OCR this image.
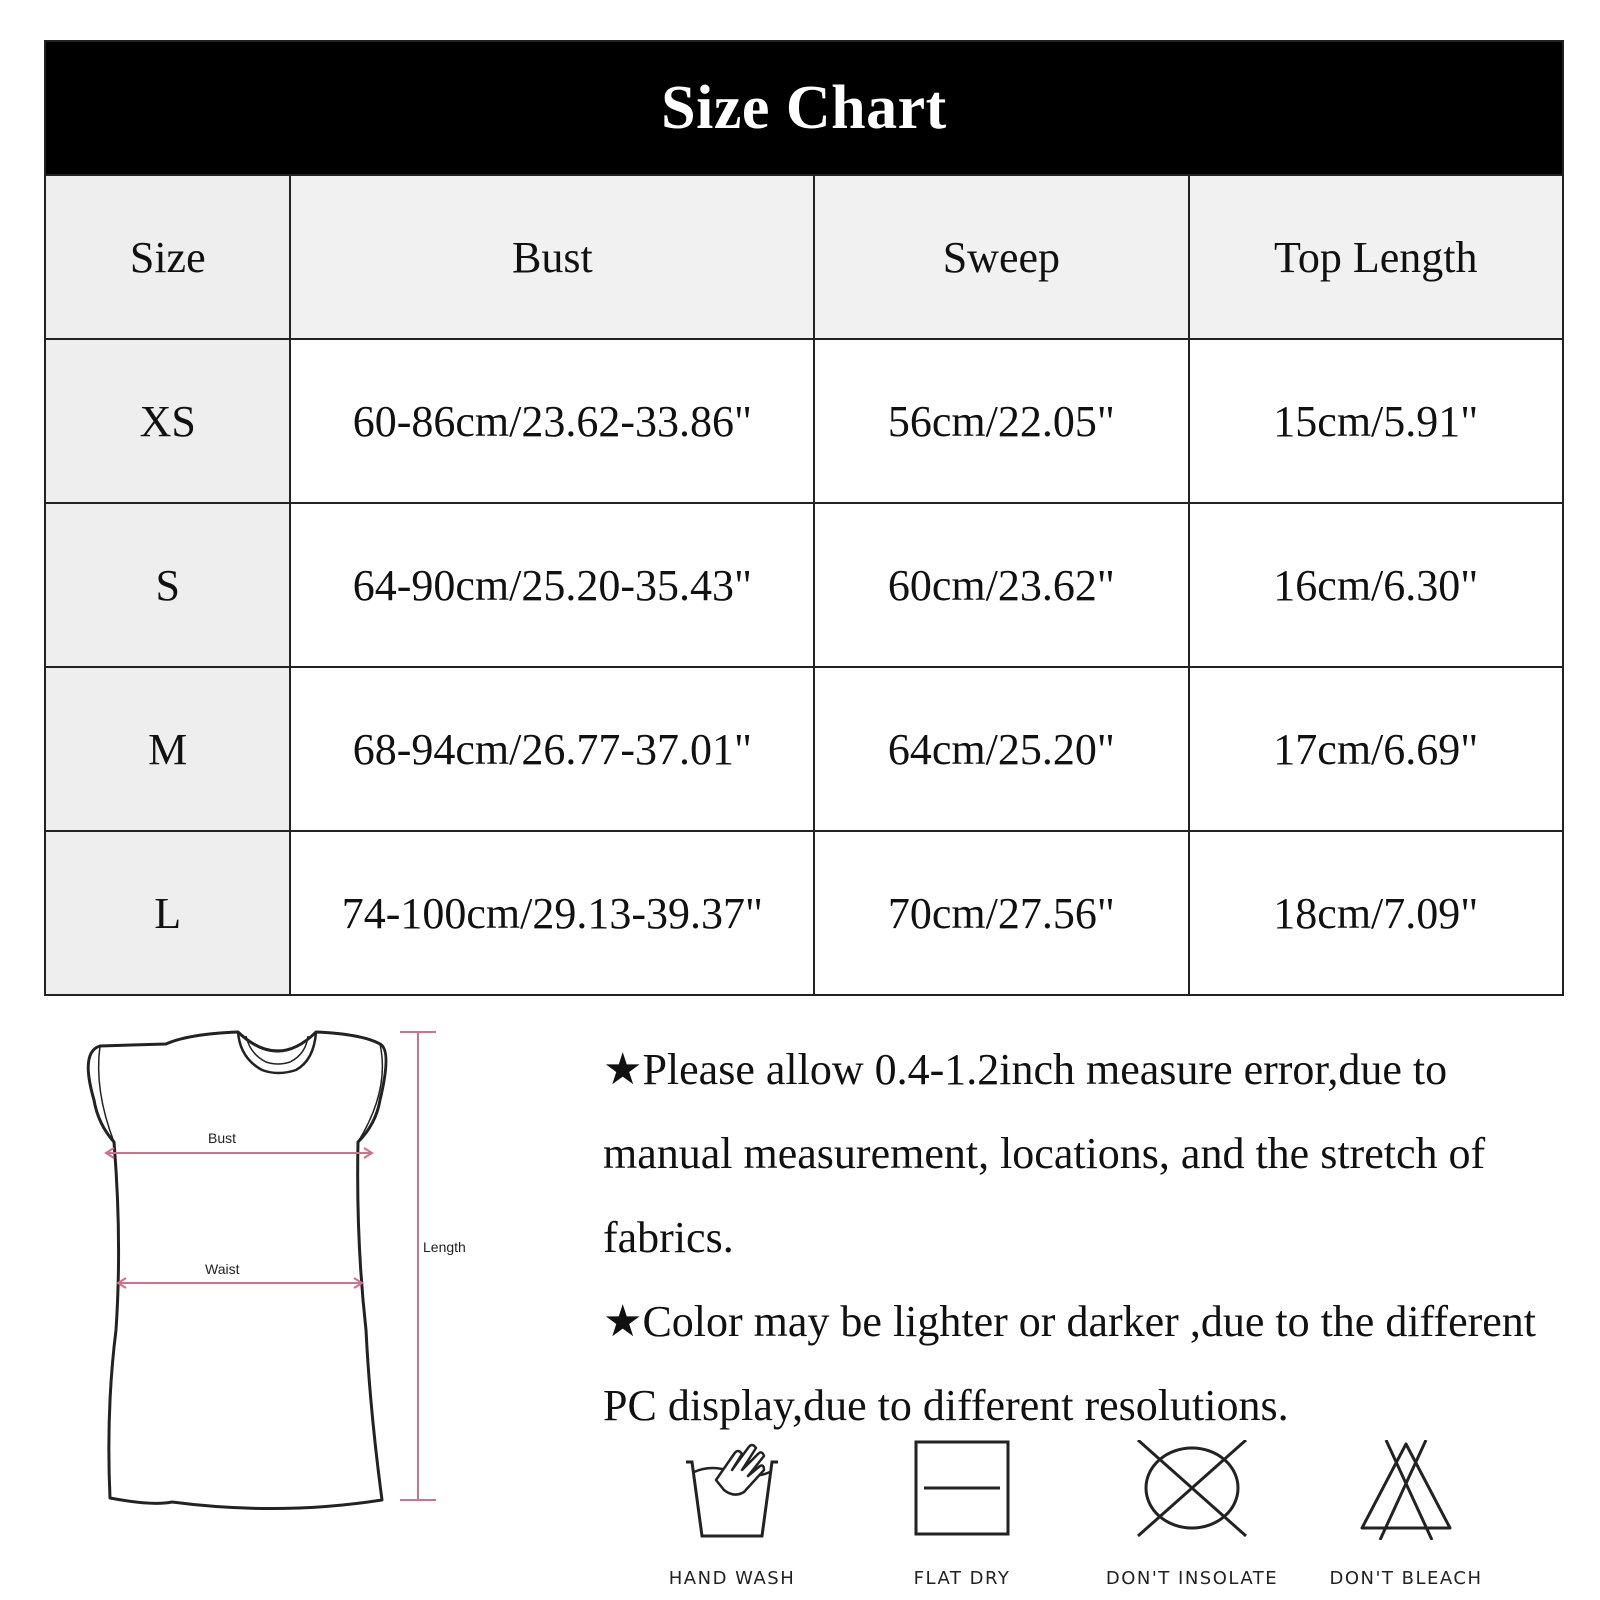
Size Chart			
Size	Bust	Sweep	Top Length
XS	60-86cm/23.62-33.86"	56cm/22.05"	15cm/5.91"
S	64-90cm/25.20-35.43"	60cm/23.62"	16cm/6.30"
M	68-94cm/26.77-37.01"	64cm/25.20"	17cm/6.69"
L	74-100cm/29.13-39.37"	70cm/27.56"	18cm/7.09"
Bust
Waist
Length

★Please allow 0.4-1.2inch measure error,due to manual measurement, locations, and the stretch of fabrics.

★Color may be lighter or darker ,due to the different PC display,due to different resolutions.

HAND WASH	FLAT DRY	DON'T INSOLATE	DON'T BLEACH
